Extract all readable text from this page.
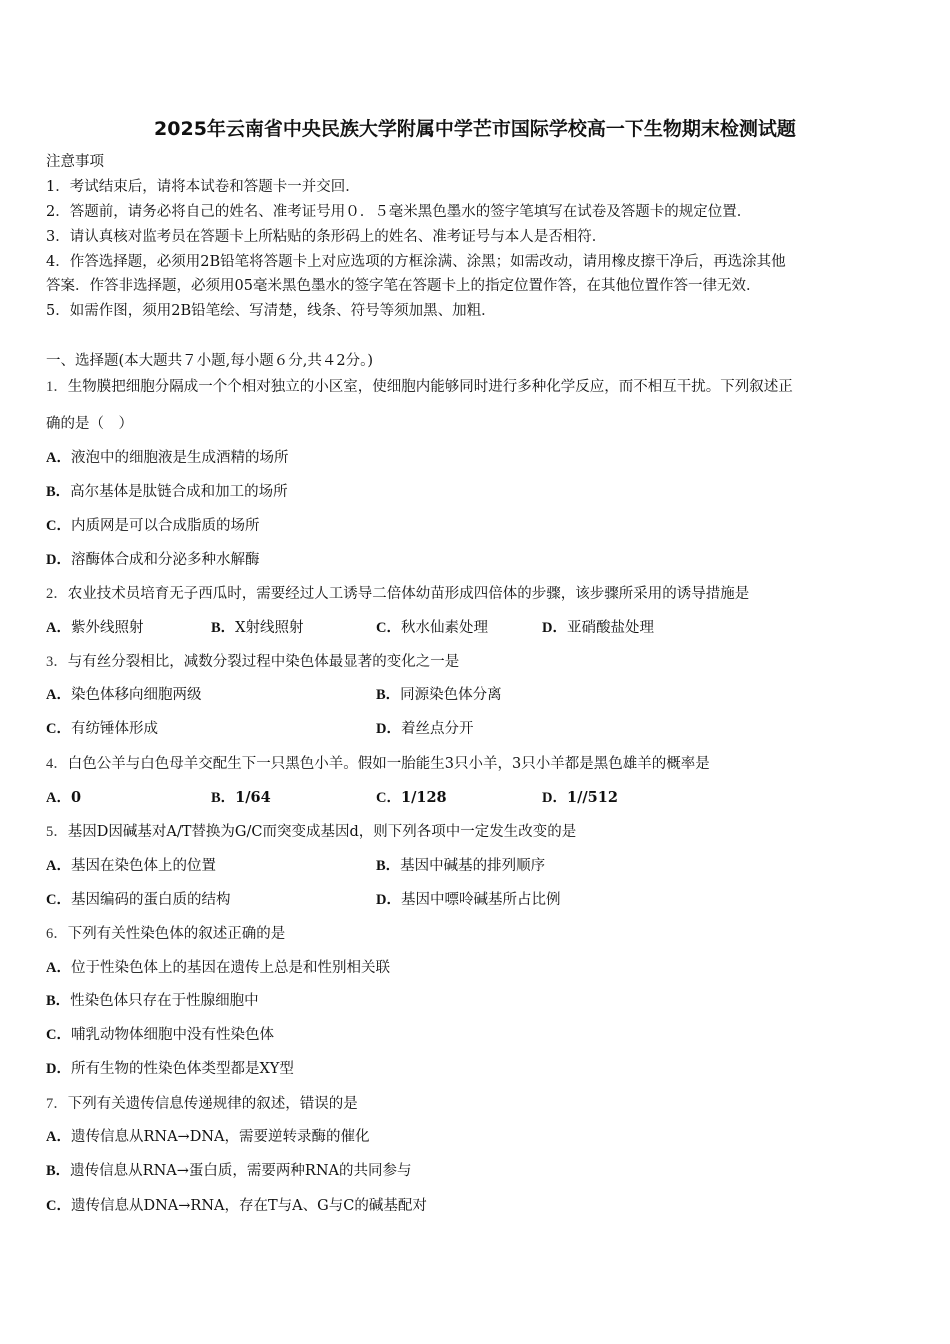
2025年云南省中央民族大学附属中学芒市国际学校高一下生物期末检测试题
注意事项
1．考试结束后，请将本试卷和答题卡一并交回．
2．答题前，请务必将自己的姓名、准考证号用０．５毫米黑色墨水的签字笔填写在试卷及答题卡的规定位置．
3．请认真核对监考员在答题卡上所粘贴的条形码上的姓名、准考证号与本人是否相符．
4．作答选择题，必须用2B铅笔将答题卡上对应选项的方框涂满、涂黑；如需改动，请用橡皮擦干净后，再选涂其他
答案．作答非选择题，必须用05毫米黑色墨水的签字笔在答题卡上的指定位置作答，在其他位置作答一律无效．
5．如需作图，须用2B铅笔绘、写清楚，线条、符号等须加黑、加粗．
一、选择题(本大题共７小题,每小题６分,共４2分。)
1．生物膜把细胞分隔成一个个相对独立的小区室，使细胞内能够同时进行多种化学反应，而不相互干扰。下列叙述正
确的是（　）
A．液泡中的细胞液是生成酒精的场所
B．高尔基体是肽链合成和加工的场所
C．内质网是可以合成脂质的场所
D．溶酶体合成和分泌多种水解酶
2．农业技术员培育无子西瓜时，需要经过人工诱导二倍体幼苗形成四倍体的步骤，该步骤所采用的诱导措施是
A．紫外线照射	B．X射线照射	C．秋水仙素处理	D．亚硝酸盐处理
3．与有丝分裂相比，减数分裂过程中染色体最显著的变化之一是
A．染色体移向细胞两级	B．同源染色体分离
C．有纺锤体形成	D．着丝点分开
4．白色公羊与白色母羊交配生下一只黑色小羊。假如一胎能生3只小羊，3只小羊都是黑色雄羊的概率是
A．0	B．1/64	C．1/128	D．1//512
5．基因D因碱基对A/T替换为G/C而突变成基因d，则下列各项中一定发生改变的是
A．基因在染色体上的位置	B．基因中碱基的排列顺序
C．基因编码的蛋白质的结构	D．基因中嘌呤碱基所占比例
6．下列有关性染色体的叙述正确的是
A．位于性染色体上的基因在遗传上总是和性别相关联
B．性染色体只存在于性腺细胞中
C．哺乳动物体细胞中没有性染色体
D．所有生物的性染色体类型都是XY型
7．下列有关遗传信息传递规律的叙述，错误的是
A．遗传信息从RNA→DNA，需要逆转录酶的催化
B．遗传信息从RNA→蛋白质，需要两种RNA的共同参与
C．遗传信息从DNA→RNA，存在T与A、G与C的碱基配对
